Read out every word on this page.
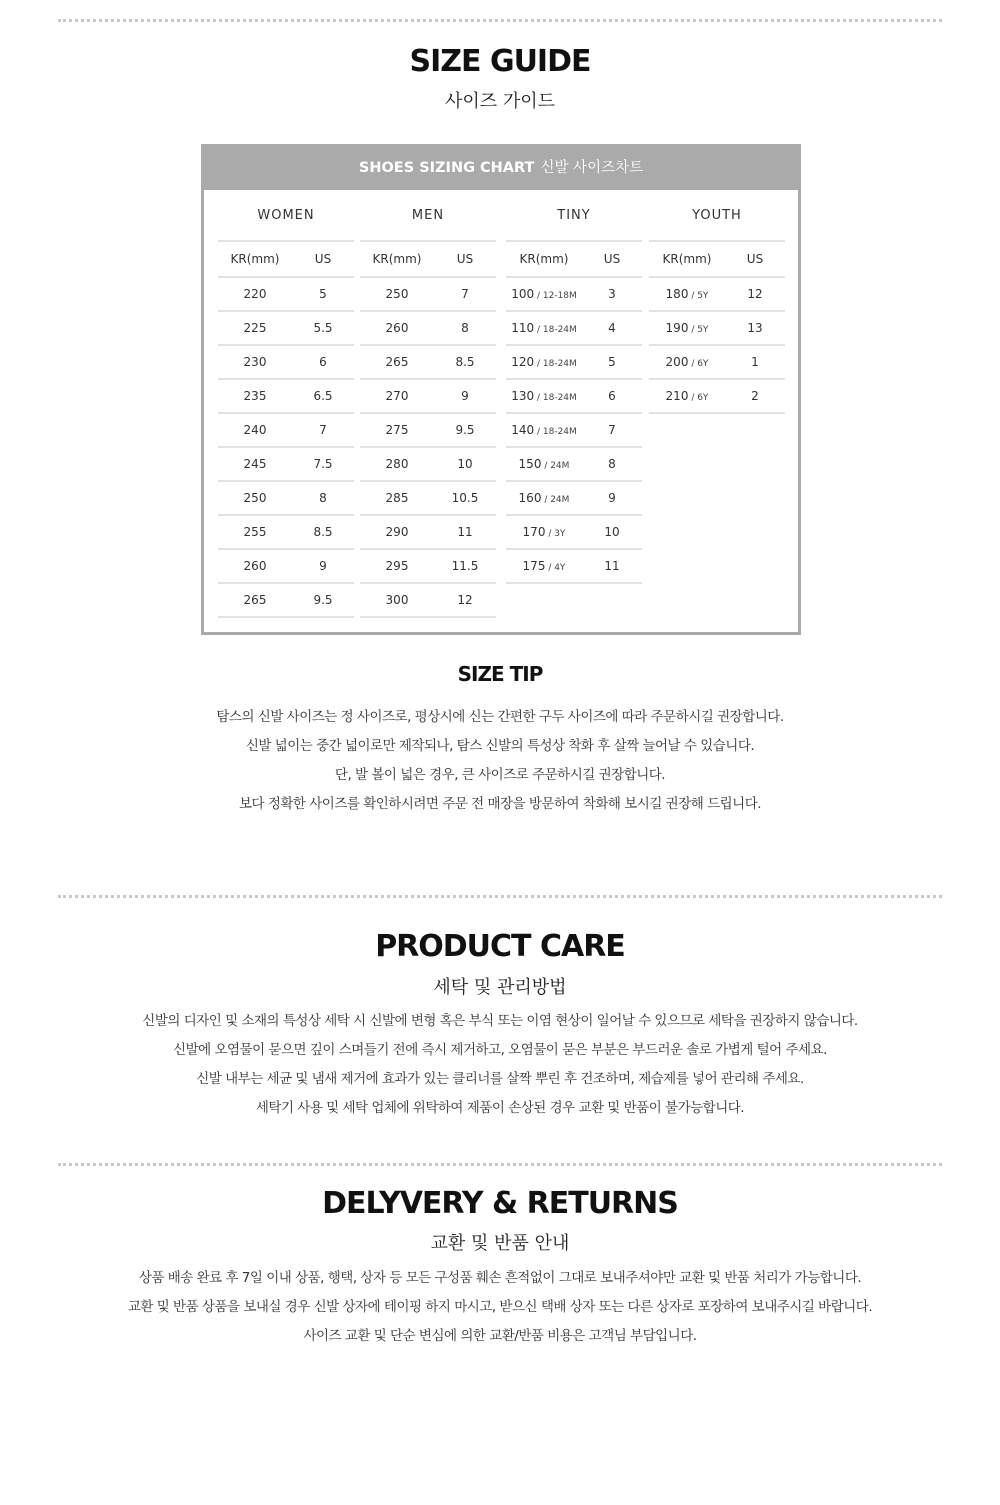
SIZE GUIDE

사이즈 가이드

SHOES SIZING CHART 신발 사이즈차트
WOMEN
KR(mm)	US
220	5
225	5.5
230	6
235	6.5
240	7
245	7.5
250	8
255	8.5
260	9
265	9.5
MEN
KR(mm)	US
250	7
260	8
265	8.5
270	9
275	9.5
280	10
285	10.5
290	11
295	11.5
300	12
TINY
KR(mm)	US
100 / 12-18M	3
110 / 18-24M	4
120 / 18-24M	5
130 / 18-24M	6
140 / 18-24M	7
150 / 24M	8
160 / 24M	9
170 / 3Y	10
175 / 4Y	11
YOUTH
KR(mm)	US
180 / 5Y	12
190 / 5Y	13
200 / 6Y	1
210 / 6Y	2
SIZE TIP
탐스의 신발 사이즈는 정 사이즈로, 평상시에 신는 간편한 구두 사이즈에 따라 주문하시길 권장합니다.
신발 넓이는 중간 넓이로만 제작되나, 탐스 신발의 특성상 착화 후 살짝 늘어날 수 있습니다.
단, 발 볼이 넓은 경우, 큰 사이즈로 주문하시길 권장합니다.
보다 정확한 사이즈를 확인하시려면 주문 전 매장을 방문하여 착화해 보시길 권장해 드립니다.
PRODUCT CARE

세탁 및 관리방법

신발의 디자인 및 소재의 특성상 세탁 시 신발에 변형 혹은 부식 또는 이염 현상이 일어날 수 있으므로 세탁을 권장하지 않습니다.
신발에 오염물이 묻으면 깊이 스며들기 전에 즉시 제거하고, 오염물이 묻은 부분은 부드러운 솔로 가볍게 털어 주세요.
신발 내부는 세균 및 냄새 제거에 효과가 있는 클리너를 살짝 뿌린 후 건조하며, 제습제를 넣어 관리해 주세요.
세탁기 사용 및 세탁 업체에 위탁하여 제품이 손상된 경우 교환 및 반품이 불가능합니다.
DELYVERY & RETURNS

교환 및 반품 안내

상품 배송 완료 후 7일 이내 상품, 행택, 상자 등 모든 구성품 훼손 흔적없이 그대로 보내주셔야만 교환 및 반품 처리가 가능합니다.
교환 및 반품 상품을 보내실 경우 신발 상자에 테이핑 하지 마시고, 받으신 택배 상자 또는 다른 상자로 포장하여 보내주시길 바랍니다.
사이즈 교환 및 단순 변심에 의한 교환/반품 비용은 고객님 부담입니다.
